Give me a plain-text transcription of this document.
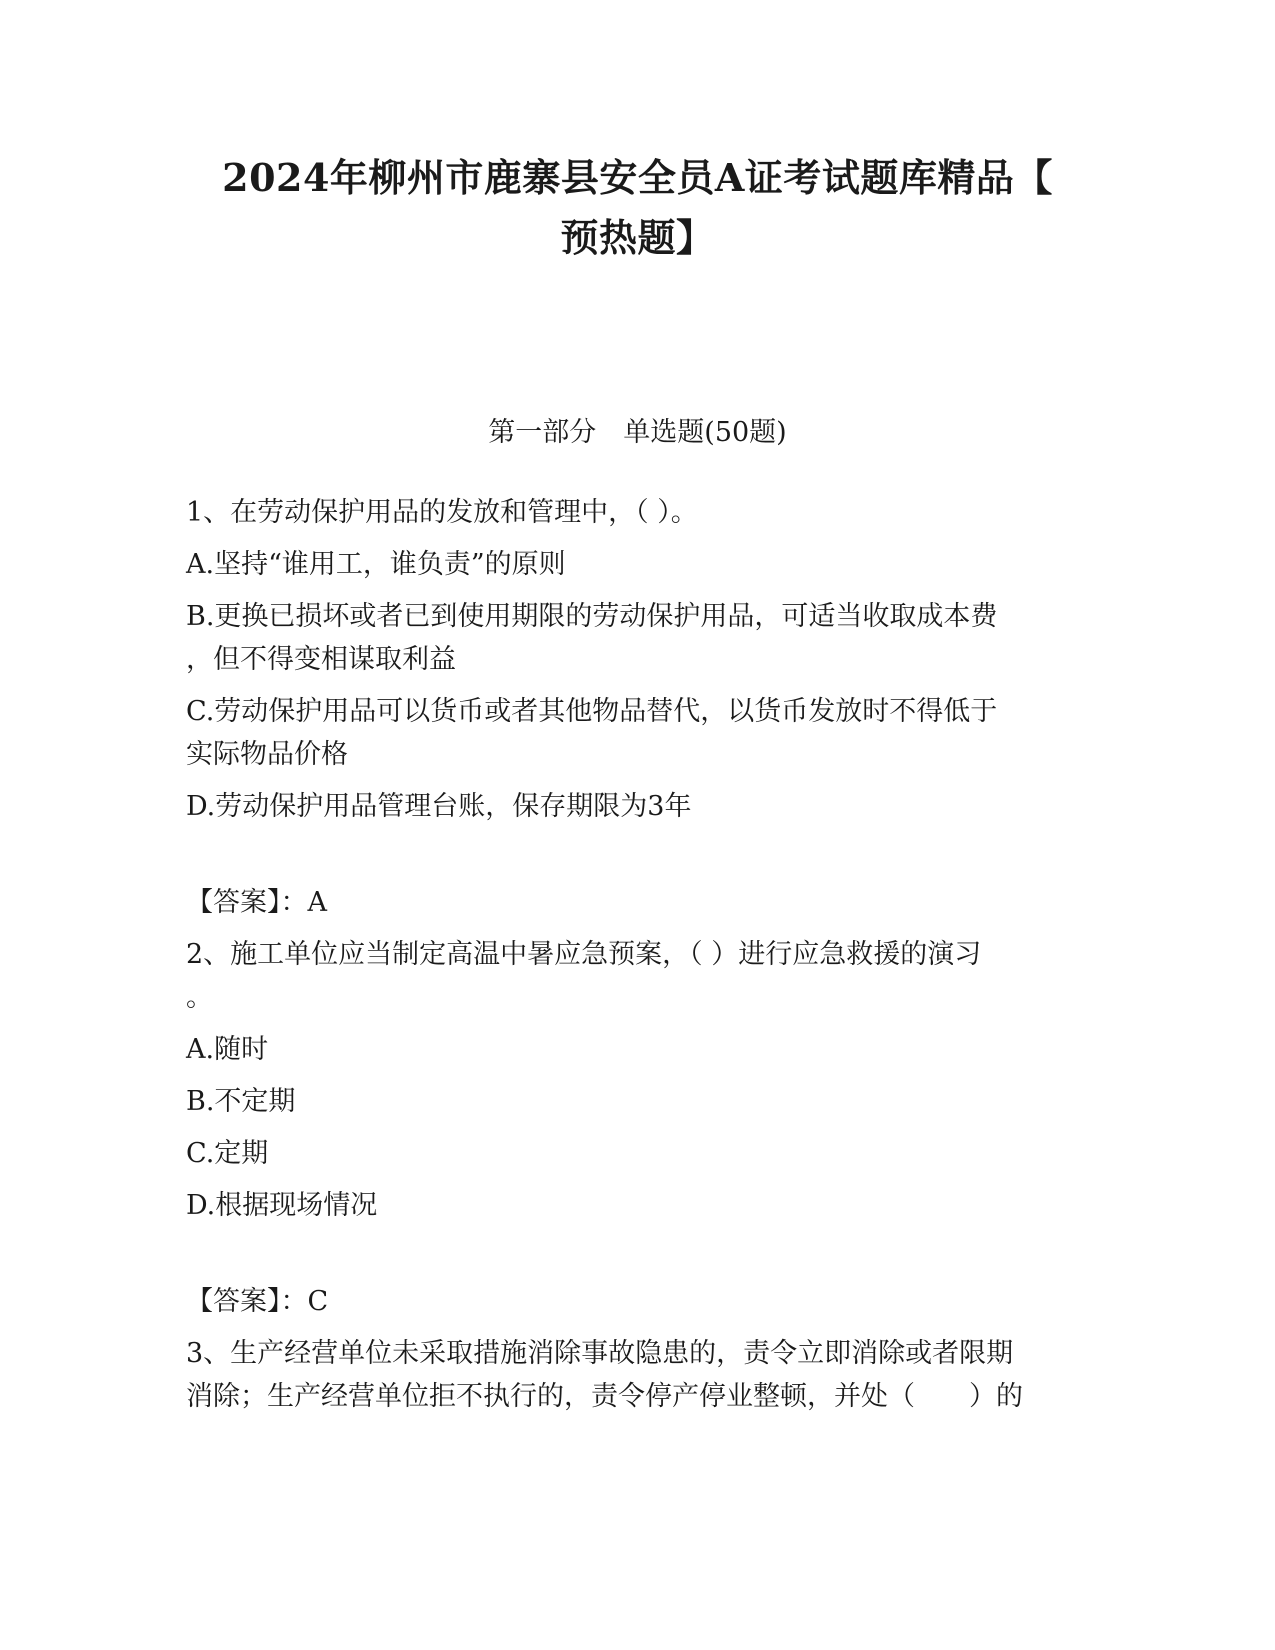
2024年柳州市鹿寨县安全员A证考试题库精品【
预热题】
第一部分　单选题(50题)
1、在劳动保护用品的发放和管理中，（ ）。
A.坚持“谁用工，谁负责”的原则
B.更换已损坏或者已到使用期限的劳动保护用品，可适当收取成本费
，但不得变相谋取利益
C.劳动保护用品可以货币或者其他物品替代，以货币发放时不得低于
实际物品价格
D.劳动保护用品管理台账，保存期限为3年
【答案】：A
2、施工单位应当制定高温中暑应急预案，（ ）进行应急救援的演习
。
A.随时
B.不定期
C.定期
D.根据现场情况
【答案】：C
3、生产经营单位未采取措施消除事故隐患的，责令立即消除或者限期
消除；生产经营单位拒不执行的，责令停产停业整顿，并处（　　）的
